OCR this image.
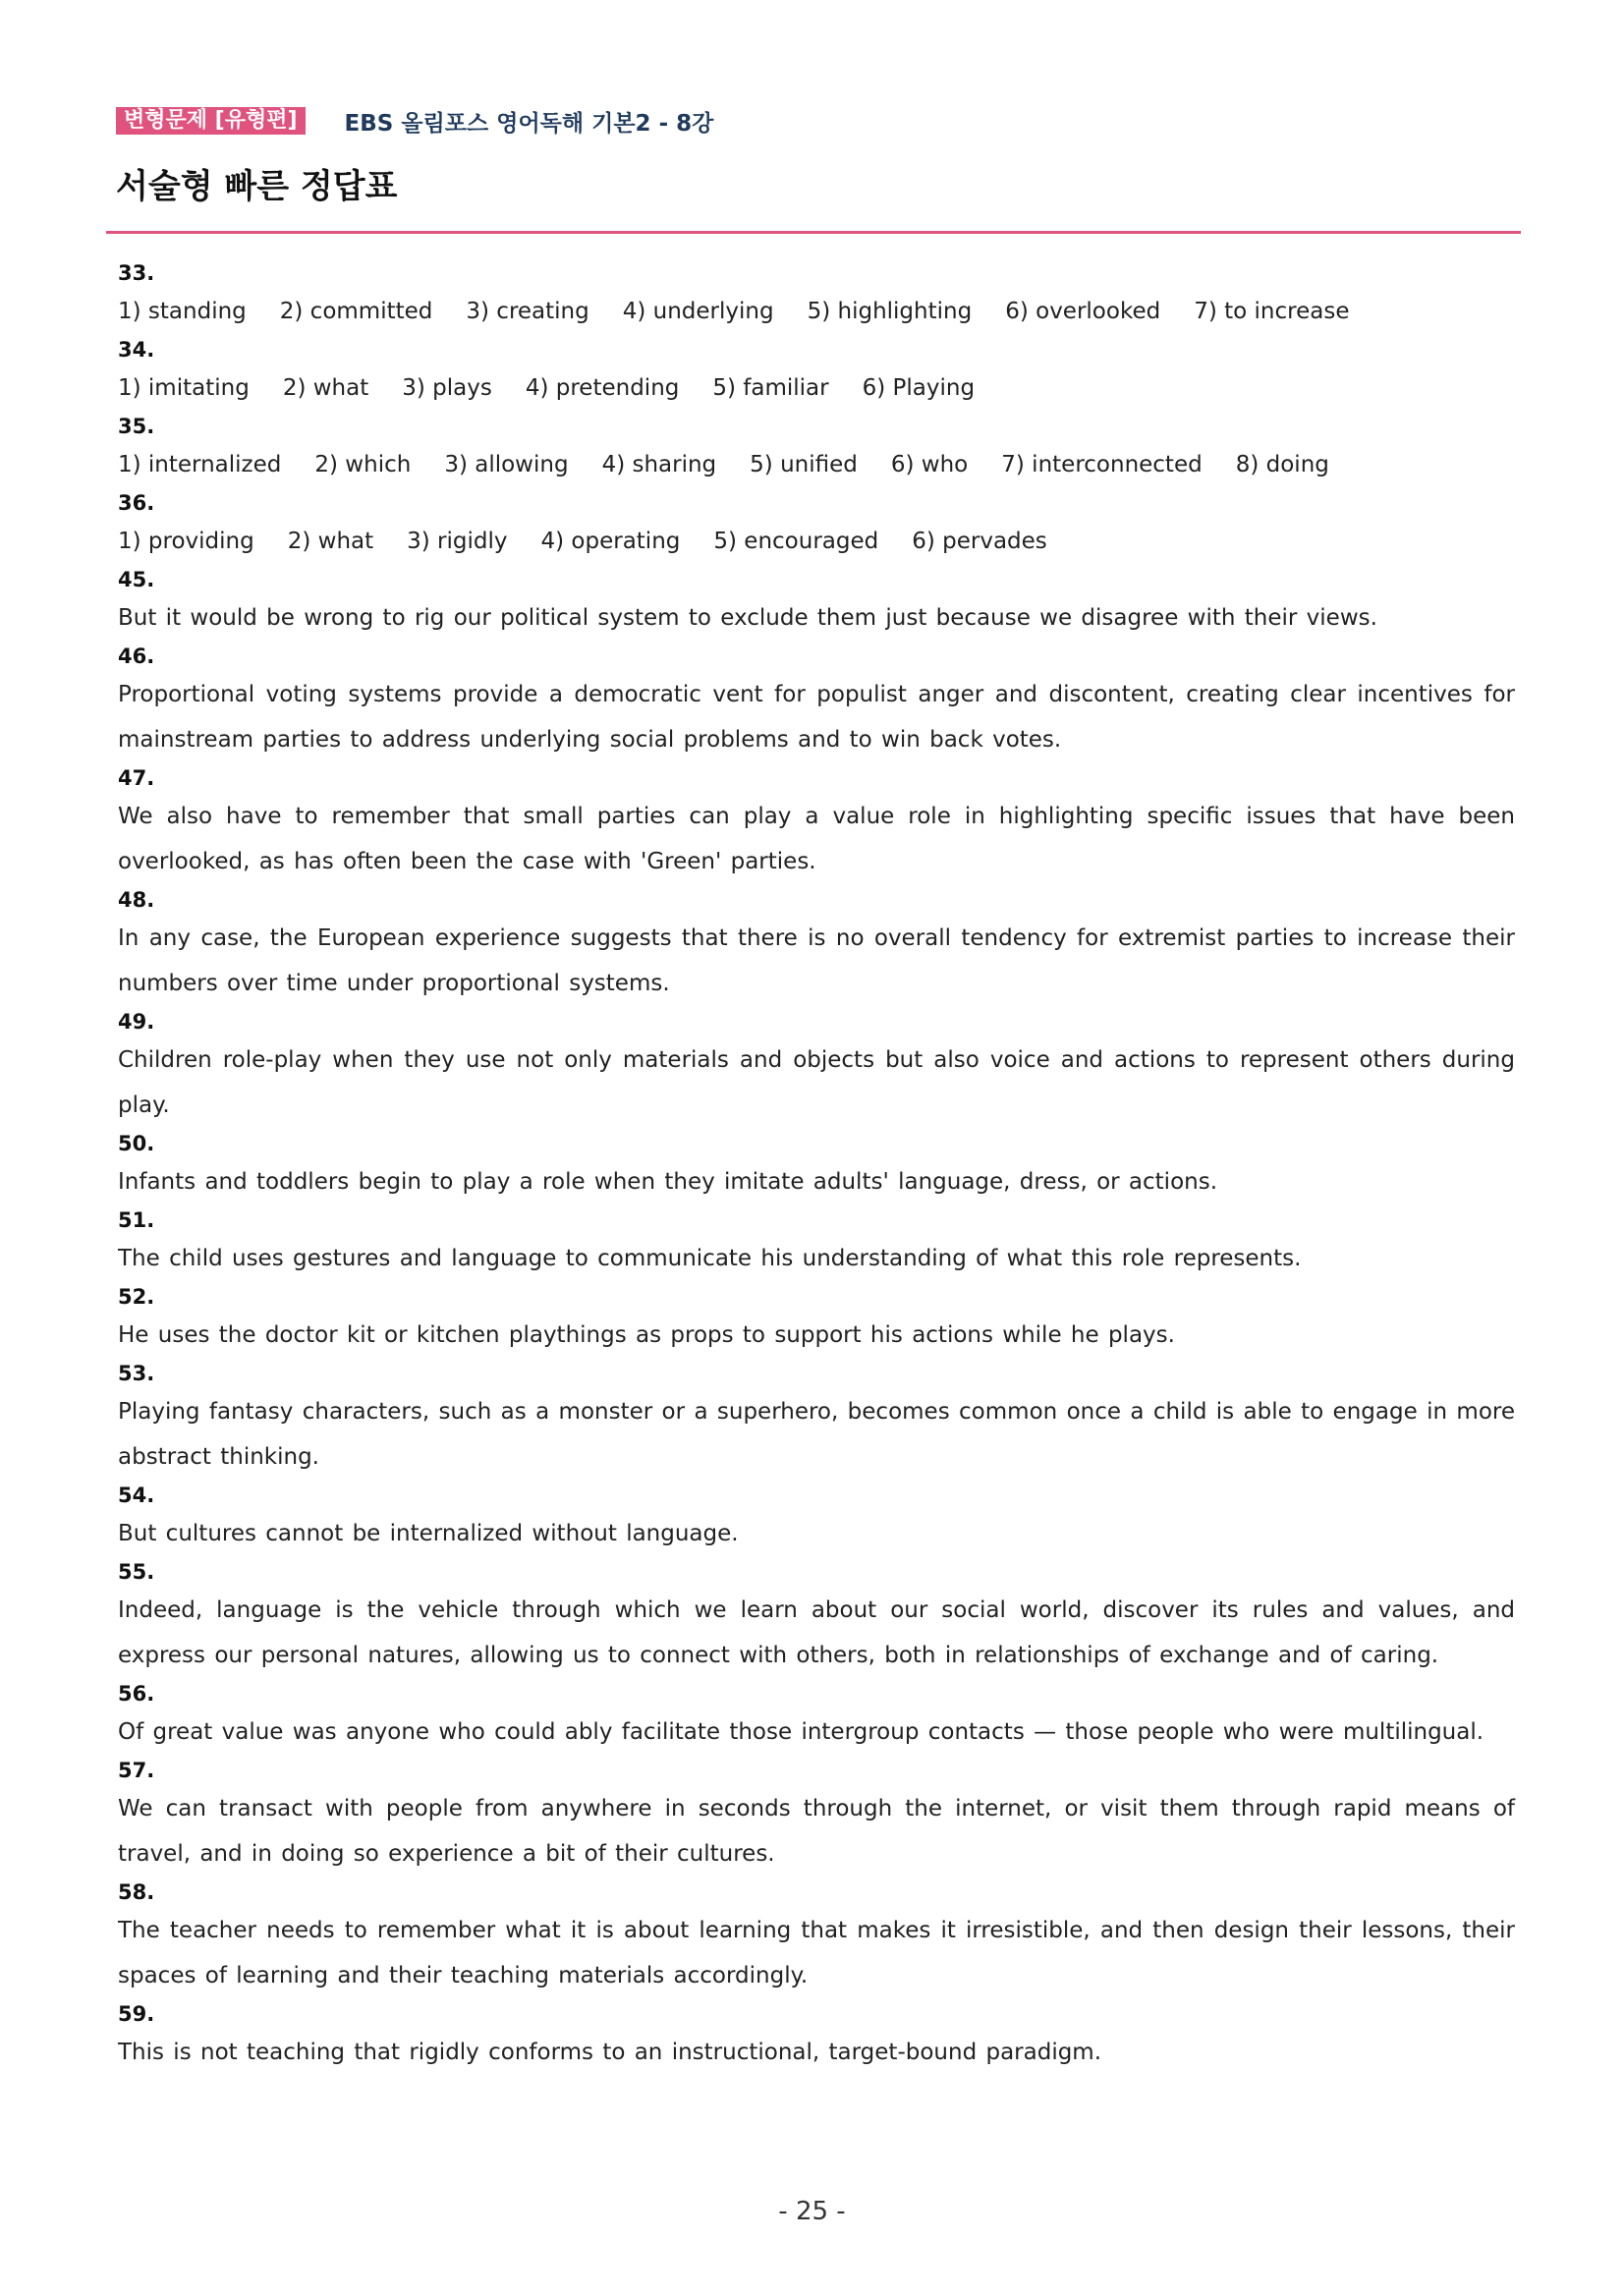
변형문제 [유형편]	EBS 올림포스 영어독해 기본2 - 8강
서술형 빠른 정답표
33.
1) standing 2) committed 3) creating 4) underlying 5) highlighting 6) overlooked 7) to increase
34.
1) imitating 2) what 3) plays 4) pretending 5) familiar 6) Playing
35.
1) internalized 2) which 3) allowing 4) sharing 5) unified 6) who 7) interconnected 8) doing
36.
1) providing 2) what 3) rigidly 4) operating 5) encouraged 6) pervades
45.

But it would be wrong to rig our political system to exclude them just because we disagree with their views.

46.

Proportional voting systems provide a democratic vent for populist anger and discontent, creating clear incentives for mainstream parties to address underlying social problems and to win back votes.

47.

We also have to remember that small parties can play a value role in highlighting specific issues that have been overlooked, as has often been the case with 'Green' parties.

48.

In any case, the European experience suggests that there is no overall tendency for extremist parties to increase their numbers over time under proportional systems.

49.

Children role-play when they use not only materials and objects but also voice and actions to represent others during play.

50.

Infants and toddlers begin to play a role when they imitate adults' language, dress, or actions.

51.

The child uses gestures and language to communicate his understanding of what this role represents.

52.

He uses the doctor kit or kitchen playthings as props to support his actions while he plays.

53.

Playing fantasy characters, such as a monster or a superhero, becomes common once a child is able to engage in more abstract thinking.

54.

But cultures cannot be internalized without language.

55.

Indeed, language is the vehicle through which we learn about our social world, discover its rules and values, and express our personal natures, allowing us to connect with others, both in relationships of exchange and of caring.

56.

Of great value was anyone who could ably facilitate those intergroup contacts — those people who were multilingual.

57.

We can transact with people from anywhere in seconds through the internet, or visit them through rapid means of travel, and in doing so experience a bit of their cultures.

58.

The teacher needs to remember what it is about learning that makes it irresistible, and then design their lessons, their spaces of learning and their teaching materials accordingly.

59.

This is not teaching that rigidly conforms to an instructional, target-bound paradigm.

- 25 -
